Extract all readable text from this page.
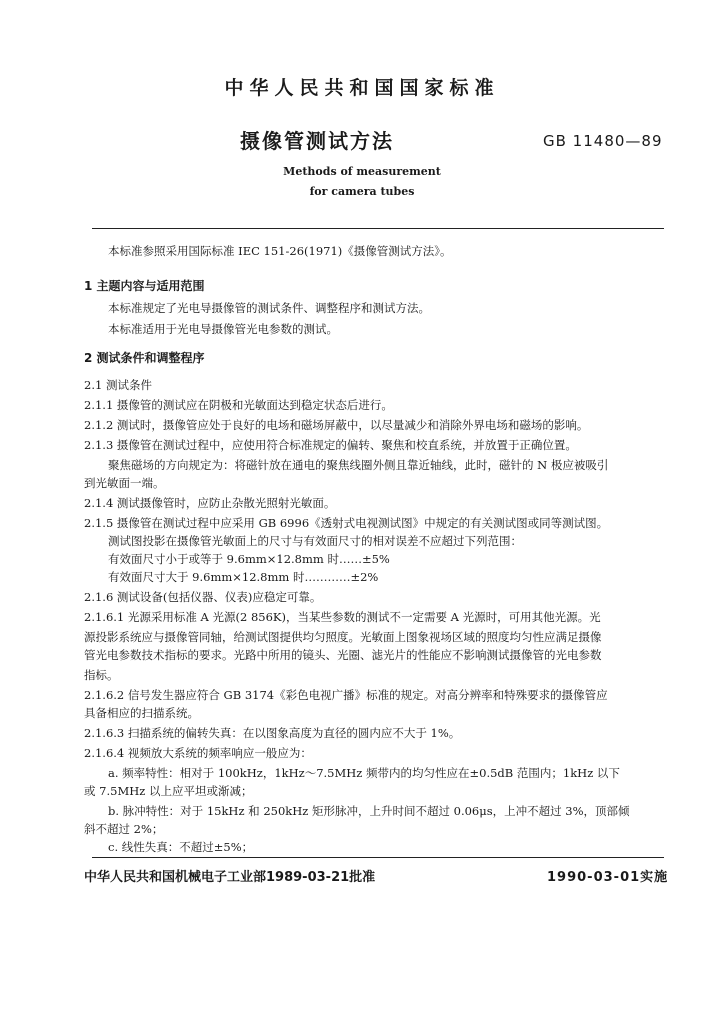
中华人民共和国国家标准
摄像管测试方法	GB 11480—89
Methods of measurement
for camera tubes
本标准参照采用国际标准 IEC 151-26(1971)《摄像管测试方法》。
1 主题内容与适用范围
本标准规定了光电导摄像管的测试条件、调整程序和测试方法。
本标准适用于光电导摄像管光电参数的测试。
2 测试条件和调整程序
2.1 测试条件
2.1.1 摄像管的测试应在阴极和光敏面达到稳定状态后进行。
2.1.2 测试时，摄像管应处于良好的电场和磁场屏蔽中，以尽量减少和消除外界电场和磁场的影响。
2.1.3 摄像管在测试过程中，应使用符合标准规定的偏转、聚焦和校直系统，并放置于正确位置。
聚焦磁场的方向规定为：将磁针放在通电的聚焦线圈外侧且靠近轴线，此时，磁针的 N 极应被吸引
到光敏面一端。
2.1.4 测试摄像管时，应防止杂散光照射光敏面。
2.1.5 摄像管在测试过程中应采用 GB 6996《透射式电视测试图》中规定的有关测试图或同等测试图。
测试图投影在摄像管光敏面上的尺寸与有效面尺寸的相对误差不应超过下列范围：
有效面尺寸小于或等于 9.6mm×12.8mm 时……±5%
有效面尺寸大于 9.6mm×12.8mm 时…………±2%
2.1.6 测试设备(包括仪器、仪表)应稳定可靠。
2.1.6.1 光源采用标准 A 光源(2 856K)，当某些参数的测试不一定需要 A 光源时，可用其他光源。光
源投影系统应与摄像管同轴，给测试图提供均匀照度。光敏面上图象视场区域的照度均匀性应满足摄像
管光电参数技术指标的要求。光路中所用的镜头、光圈、滤光片的性能应不影响测试摄像管的光电参数
指标。
2.1.6.2 信号发生器应符合 GB 3174《彩色电视广播》标准的规定。对高分辨率和特殊要求的摄像管应
具备相应的扫描系统。
2.1.6.3 扫描系统的偏转失真：在以图象高度为直径的圆内应不大于 1%。
2.1.6.4 视频放大系统的频率响应一般应为：
a. 频率特性：相对于 100kHz，1kHz～7.5MHz 频带内的均匀性应在±0.5dB 范围内；1kHz 以下
或 7.5MHz 以上应平坦或渐减；
b. 脉冲特性：对于 15kHz 和 250kHz 矩形脉冲，上升时间不超过 0.06μs，上冲不超过 3%，顶部倾
斜不超过 2%；
c. 线性失真：不超过±5%；
中华人民共和国机械电子工业部1989-03-21批准	1990-03-01实施
